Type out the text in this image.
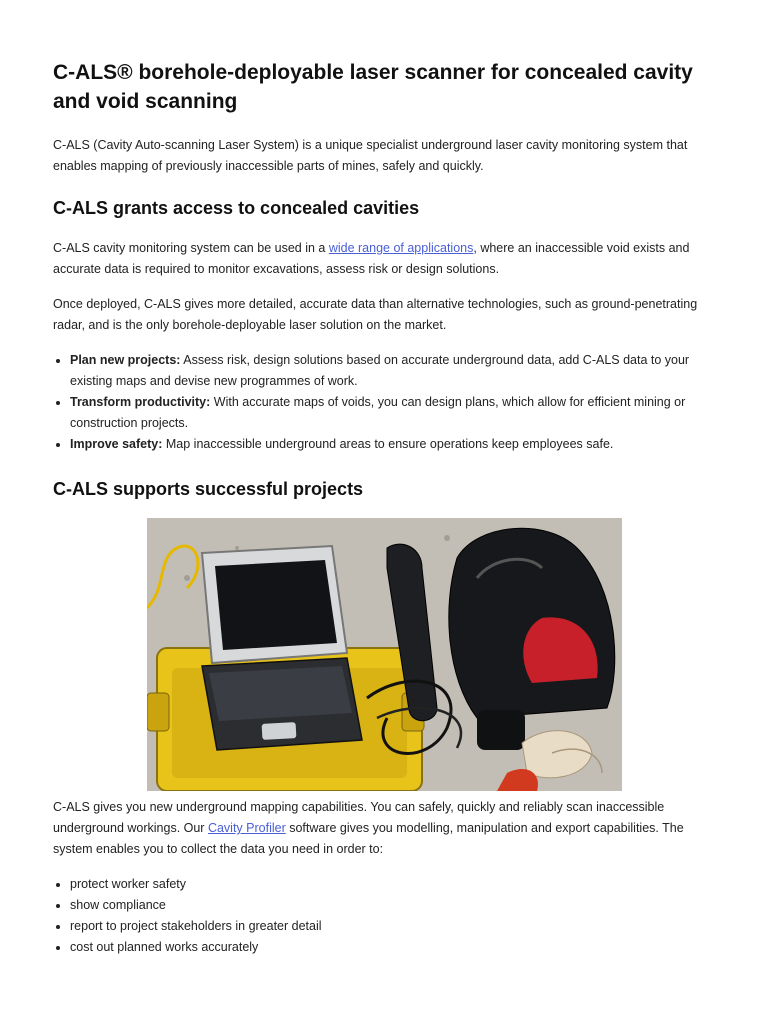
C-ALS® borehole-deployable laser scanner for concealed cavity and void scanning

C-ALS (Cavity Auto-scanning Laser System) is a unique specialist underground laser cavity monitoring system that enables mapping of previously inaccessible parts of mines, safely and quickly.

C-ALS grants access to concealed cavities

C-ALS cavity monitoring system can be used in a wide range of applications, where an inaccessible void exists and accurate data is required to monitor excavations, assess risk or design solutions.

Once deployed, C-ALS gives more detailed, accurate data than alternative technologies, such as ground-penetrating radar, and is the only borehole-deployable laser solution on the market.

• Plan new projects: Assess risk, design solutions based on accurate underground data, add C-ALS data to your existing maps and devise new programmes of work.
• Transform productivity: With accurate maps of voids, you can design plans, which allow for efficient mining or construction projects.
• Improve safety: Map inaccessible underground areas to ensure operations keep employees safe.
C-ALS supports successful projects

C-ALS gives you new underground mapping capabilities. You can safely, quickly and reliably scan inaccessible underground workings. Our Cavity Profiler software gives you modelling, manipulation and export capabilities. The system enables you to collect the data you need in order to:

• protect worker safety
• show compliance
• report to project stakeholders in greater detail
• cost out planned works accurately
